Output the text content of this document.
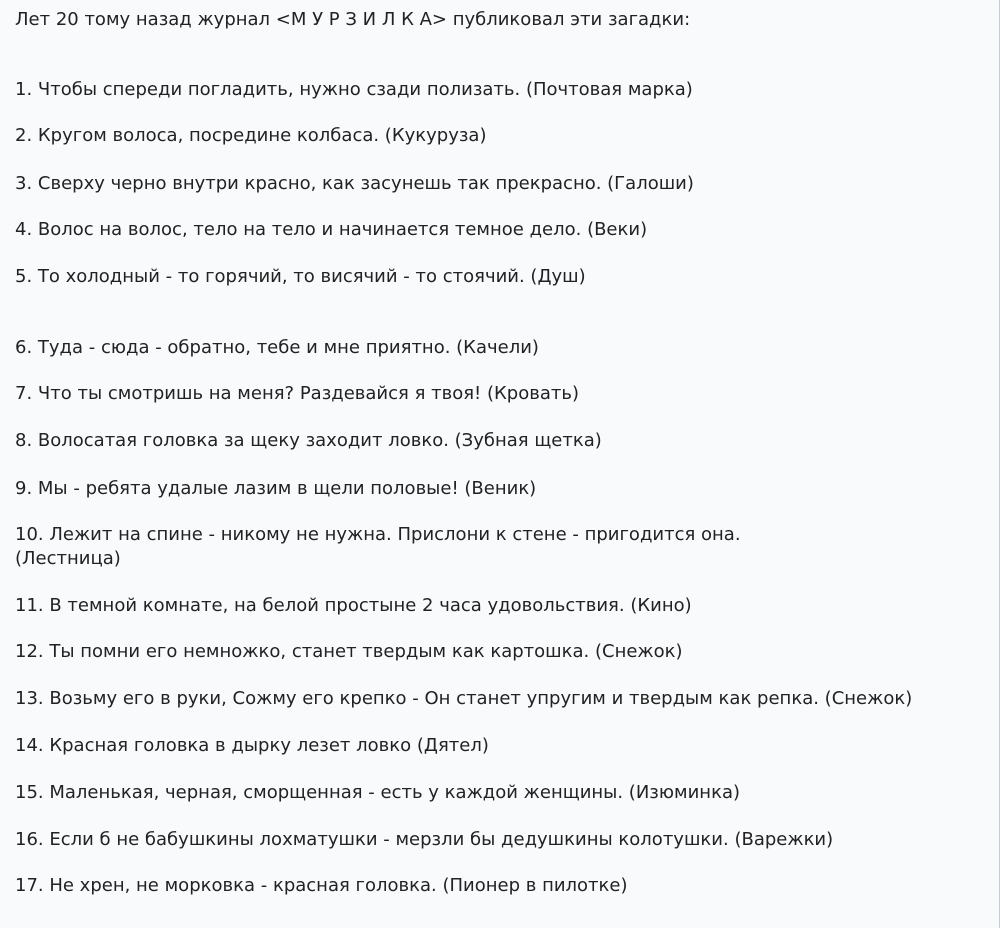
Лет 20 тому назад журнал <М У Р З И Л К А> публиковал эти загадки:
1. Чтобы спереди погладить, нужно сзади полизать. (Почтовая марка)
2. Кругом волоса, посредине колбаса. (Кукуруза)
3. Сверху черно внутри красно, как засунешь так прекрасно. (Галоши)
4. Волос на волос, тело на тело и начинается темное дело. (Веки)
5. То холодный - то горячий, то висячий - то стоячий. (Душ)
6. Туда - сюда - обратно, тебе и мне приятно. (Качели)
7. Что ты смотришь на меня? Раздевайся я твоя! (Кровать)
8. Волосатая головка за щеку заходит ловко. (Зубная щетка)
9. Мы - ребята удалые лазим в щели половые! (Веник)
10. Лежит на спине - никому не нужна. Прислони к стене - пригодится она.
(Лестница)
11. В темной комнате, на белой простыне 2 часа удовольствия. (Кино)
12. Ты помни его немножко, станет твердым как картошка. (Снежок)
13. Возьму его в руки, Сожму его крепко - Он станет упругим и твердым как репка. (Снежок)
14. Красная головка в дырку лезет ловко (Дятел)
15. Маленькая, черная, сморщенная - есть у каждой женщины. (Изюминка)
16. Если б не бабушкины лохматушки - мерзли бы дедушкины колотушки. (Варежки)
17. Не хрен, не морковка - красная головка. (Пионер в пилотке)
